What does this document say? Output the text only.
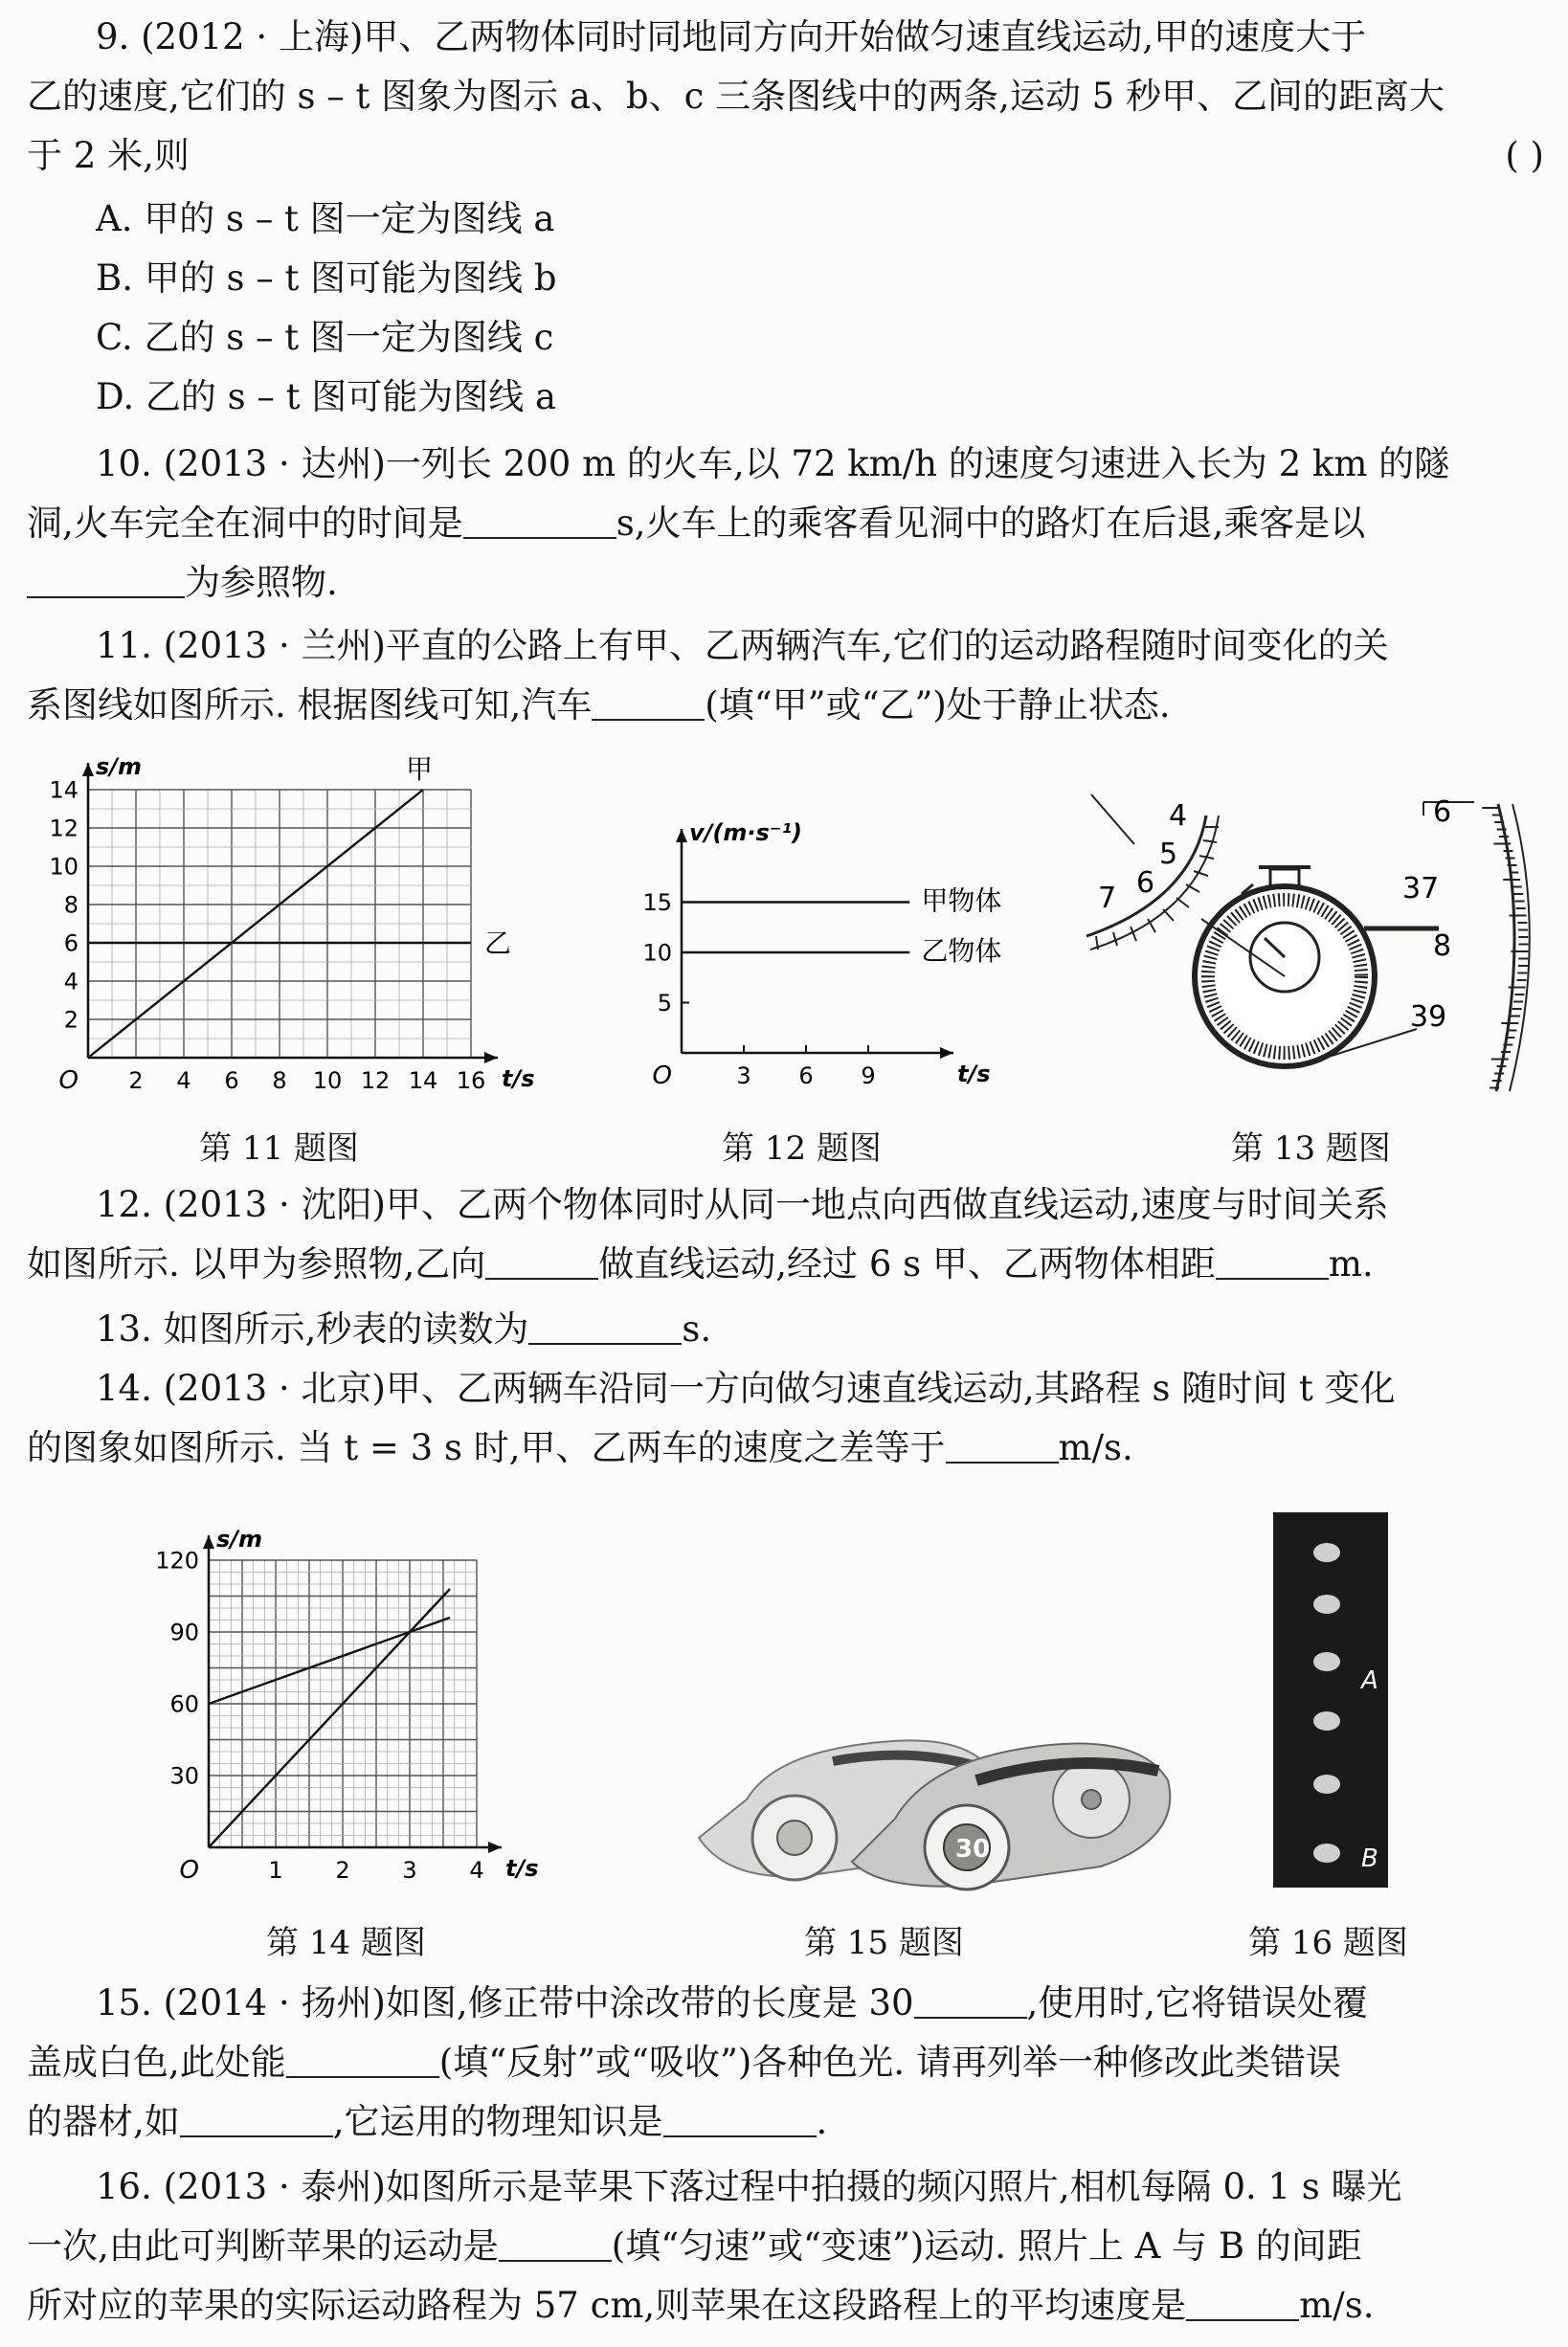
9. (2012 · 上海)甲、乙两物体同时同地同方向开始做匀速直线运动,甲的速度大于
乙的速度,它们的 s – t 图象为图示 a、b、c 三条图线中的两条,运动 5 秒甲、乙间的距离大
于 2 米,则	( )
A. 甲的 s – t 图一定为图线 a
B. 甲的 s – t 图可能为图线 b
C. 乙的 s – t 图一定为图线 c
D. 乙的 s – t 图可能为图线 a
10. (2013 · 达州)一列长 200 m 的火车,以 72 km/h 的速度匀速进入长为 2 km 的隧
洞,火车完全在洞中的时间是	s,火车上的乘客看见洞中的路灯在后退,乘客是以
为参照物.
11. (2013 · 兰州)平直的公路上有甲、乙两辆汽车,它们的运动路程随时间变化的关
系图线如图所示. 根据图线可知,汽车	(填“甲”或“乙”)处于静止状态.
2 4 6 8 10 12 14 16
2
4
6
8
10
12
14
O	t/s
s/m	甲
乙
第 11 题图
3 6 9
5
10
15
O	t/s
v/(m·s⁻¹)
甲物体
乙物体
第 12 题图
4
5
6
7
6
37
8
39
第 13 题图
12. (2013 · 沈阳)甲、乙两个物体同时从同一地点向西做直线运动,速度与时间关系
如图所示. 以甲为参照物,乙向	做直线运动,经过 6 s 甲、乙两物体相距	m.
13. 如图所示,秒表的读数为	s.
14. (2013 · 北京)甲、乙两辆车沿同一方向做匀速直线运动,其路程 s 随时间 t 变化
的图象如图所示. 当 t = 3 s 时,甲、乙两车的速度之差等于	m/s.
1 2 3 4
30
60
90
120
O	t/s
s/m
第 14 题图
30
第 15 题图
A
B
第 16 题图
15. (2014 · 扬州)如图,修正带中涂改带的长度是 30	,使用时,它将错误处覆
盖成白色,此处能	(填“反射”或“吸收”)各种色光. 请再列举一种修改此类错误
的器材,如	,它运用的物理知识是	.
16. (2013 · 泰州)如图所示是苹果下落过程中拍摄的频闪照片,相机每隔 0. 1 s 曝光
一次,由此可判断苹果的运动是	(填“匀速”或“变速”)运动. 照片上 A 与 B 的间距
所对应的苹果的实际运动路程为 57 cm,则苹果在这段路程上的平均速度是	m/s.
